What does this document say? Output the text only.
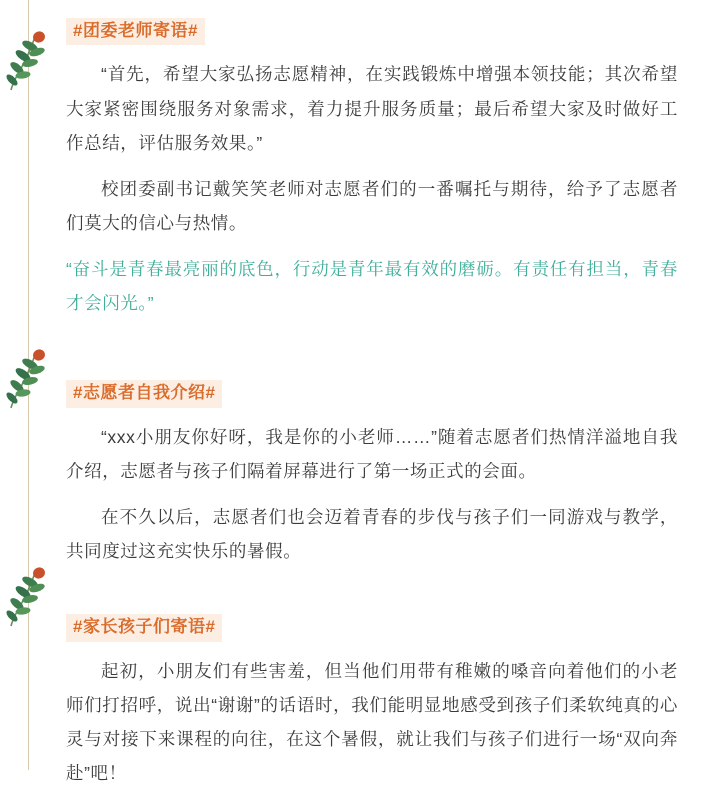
#团委老师寄语#

“首先，希望大家弘扬志愿精神，在实践锻炼中增强本领技能；其次希望大家紧密围绕服务对象需求，着力提升服务质量；最后希望大家及时做好工作总结，评估服务效果。”

校团委副书记戴笑笑老师对志愿者们的一番嘱托与期待，给予了志愿者们莫大的信心与热情。

“奋斗是青春最亮丽的底色，行动是青年最有效的磨砺。有责任有担当，青春才会闪光。”

#志愿者自我介绍#

“xxx小朋友你好呀，我是你的小老师……”随着志愿者们热情洋溢地自我介绍，志愿者与孩子们隔着屏幕进行了第一场正式的会面。

在不久以后，志愿者们也会迈着青春的步伐与孩子们一同游戏与教学，共同度过这充实快乐的暑假。

#家长孩子们寄语#

起初，小朋友们有些害羞，但当他们用带有稚嫩的嗓音向着他们的小老师们打招呼，说出“谢谢”的话语时，我们能明显地感受到孩子们柔软纯真的心灵与对接下来课程的向往，在这个暑假，就让我们与孩子们进行一场“双向奔赴”吧！
